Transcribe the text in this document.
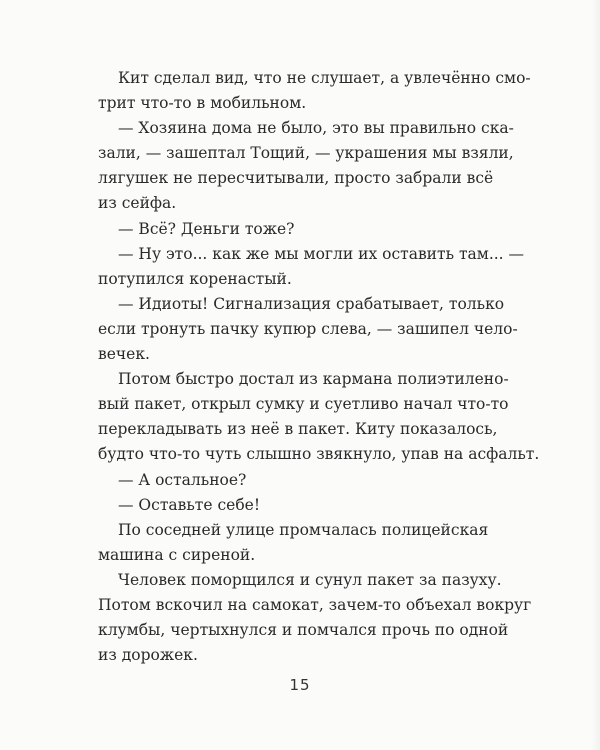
Кит сделал вид, что не слушает, а увлечённо смо-
трит что-то в мобильном.
— Хозяина дома не было, это вы правильно ска-
зали, — зашептал Тощий, — украшения мы взяли,
лягушек не пересчитывали, просто забрали всё
из сейфа.
— Всё? Деньги тоже?
— Ну это... как же мы могли их оставить там... —
потупился коренастый.
— Идиоты! Сигнализация срабатывает, только
если тронуть пачку купюр слева, — зашипел чело-
вечек.
Потом быстро достал из кармана полиэтилено-
вый пакет, открыл сумку и суетливо начал что-то
перекладывать из неё в пакет. Киту показалось,
будто что-то чуть слышно звякнуло, упав на асфальт.
— А остальное?
— Оставьте себе!
По соседней улице промчалась полицейская
машина с сиреной.
Человек поморщился и сунул пакет за пазуху.
Потом вскочил на самокат, зачем-то объехал вокруг
клумбы, чертыхнулся и помчался прочь по одной
из дорожек.
15
